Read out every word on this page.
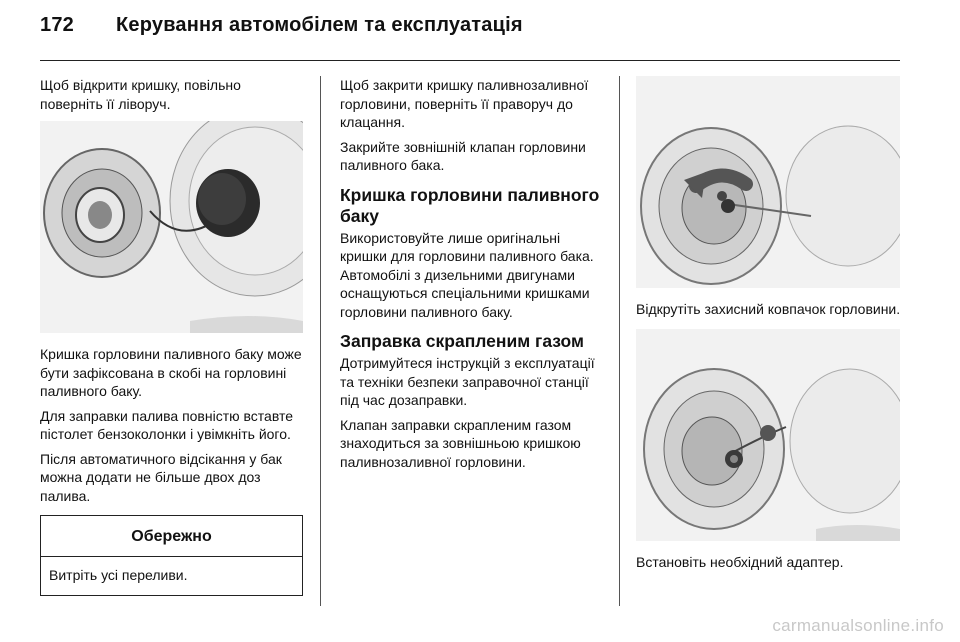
172 Керування автомобілем та експлуатація

Щоб відкрити кришку, повільно поверніть її ліворуч.

Кришка горловини паливного баку може бути зафіксована в скобі на горловині паливного баку.

Для заправки палива повністю вставте пістолет бензоколонки і увімкніть його.

Після автоматичного відсікання у бак можна додати не більше двох доз палива.

Обережно
Витріть усі переливи.

Щоб закрити кришку паливнозаливної горловини, поверніть її праворуч до клацання.

Закрийте зовнішній клапан горловини паливного бака.

Кришка горловини паливного баку

Використовуйте лише оригінальні кришки для горловини паливного бака. Автомобілі з дизельними двигунами оснащуються спеціальними кришками горловини паливного баку.

Заправка скрапленим газом

Дотримуйтеся інструкцій з експлуатації та техніки безпеки заправочної станції під час дозаправки.

Клапан заправки скрапленим газом знаходиться за зовнішньою кришкою паливнозаливної горловини.

Відкрутіть захисний ковпачок горловини.

Встановіть необхідний адаптер.

carmanualsonline.info
